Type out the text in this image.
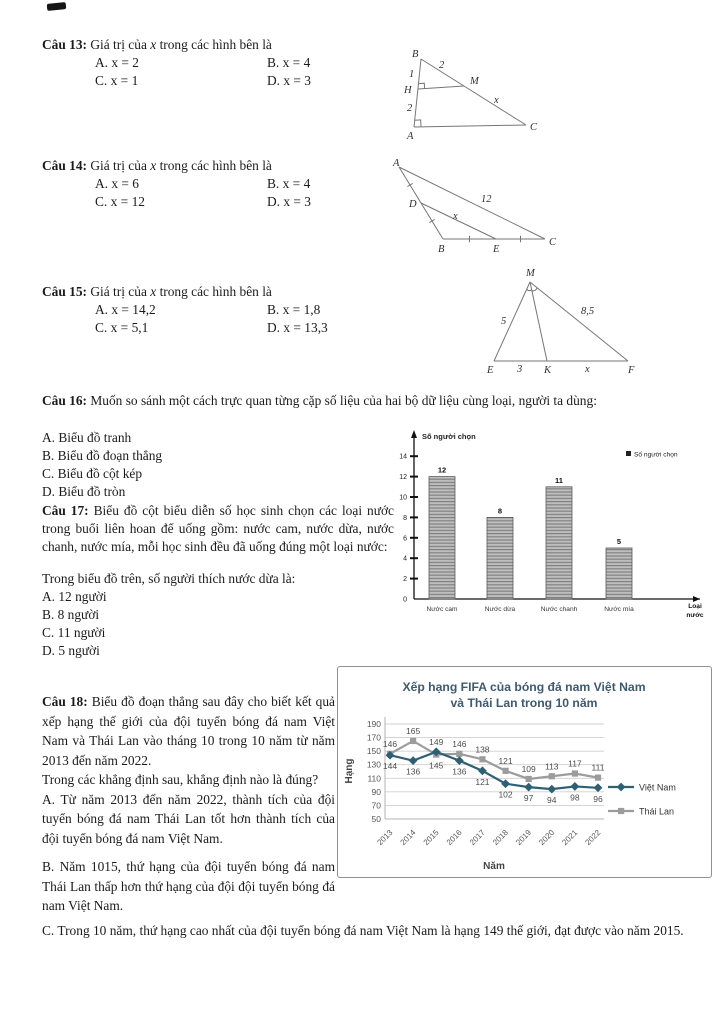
Câu 13: Giá trị của x trong các hình bên là
A. x = 2	B. x = 4
C. x = 1	D. x = 3
B
1
H
2
A
C
2
M
x
Câu 14: Giá trị của x trong các hình bên là
A. x = 6	B. x = 4
C. x = 12	D. x = 3
A
D
B	E
C
12
x
Câu 15: Giá trị của x trong các hình bên là
A. x = 14,2	B. x = 1,8
C. x = 5,1	D. x = 13,3
M
E	K	F
5
8,5
3	x
Câu 16: Muốn so sánh một cách trực quan từng cặp số liệu của hai bộ dữ liệu cùng loại, người ta dùng:
A. Biểu đồ tranh
B. Biểu đồ đoạn thẳng
C. Biểu đồ cột kép
D. Biểu đồ tròn
Câu 17: Biểu đồ cột biểu diễn số học sinh chọn các loại nước trong buổi liên hoan để uống gồm: nước cam, nước dừa, nước chanh, nước mía, mỗi học sinh đều đã uống đúng một loại nước:
Trong biểu đồ trên, số người thích nước dừa là:
A. 12 người
B. 8 người
C. 11 người
D. 5 người
0
2
4
6
8
10
12
14
Số người chọn
12
Nước cam
8
Nước dừa
11
Nước chanh
5
Nước mía	Loại
nước
Số người chọn
Câu 18: Biểu đồ đoạn thẳng sau đây cho biết kết quả xếp hạng thế giới của đội tuyển bóng đá nam Việt Nam và Thái Lan vào tháng 10 trong 10 năm từ năm 2013 đến năm 2022.
Trong các khẳng định sau, khẳng định nào là đúng?
A. Từ năm 2013 đến năm 2022, thành tích của đội tuyển bóng đá nam Thái Lan tốt hơn thành tích của đội tuyển bóng đá nam Việt Nam.
B. Năm 1015, thứ hạng của đội tuyển bóng đá nam Thái Lan thấp hơn thứ hạng của đội đội tuyển bóng đá nam Việt Nam.
C. Trong 10 năm, thứ hạng cao nhất của đội tuyển bóng đá nam Việt Nam là hạng 149 thế giới, đạt được vào năm 2015.
Xếp hạng FIFA của bóng đá nam Việt Nam
và Thái Lan trong 10 năm
50
70
90
110
130
150
170
190
2013 2014 2015 2016 2017 2018 2019 2020 2021 2022
Hạng
Năm
144
146
136
165
149
145
136
146
121
138
102
121
97
109
94
113
98
117
96
111
Việt Nam
Thái Lan
